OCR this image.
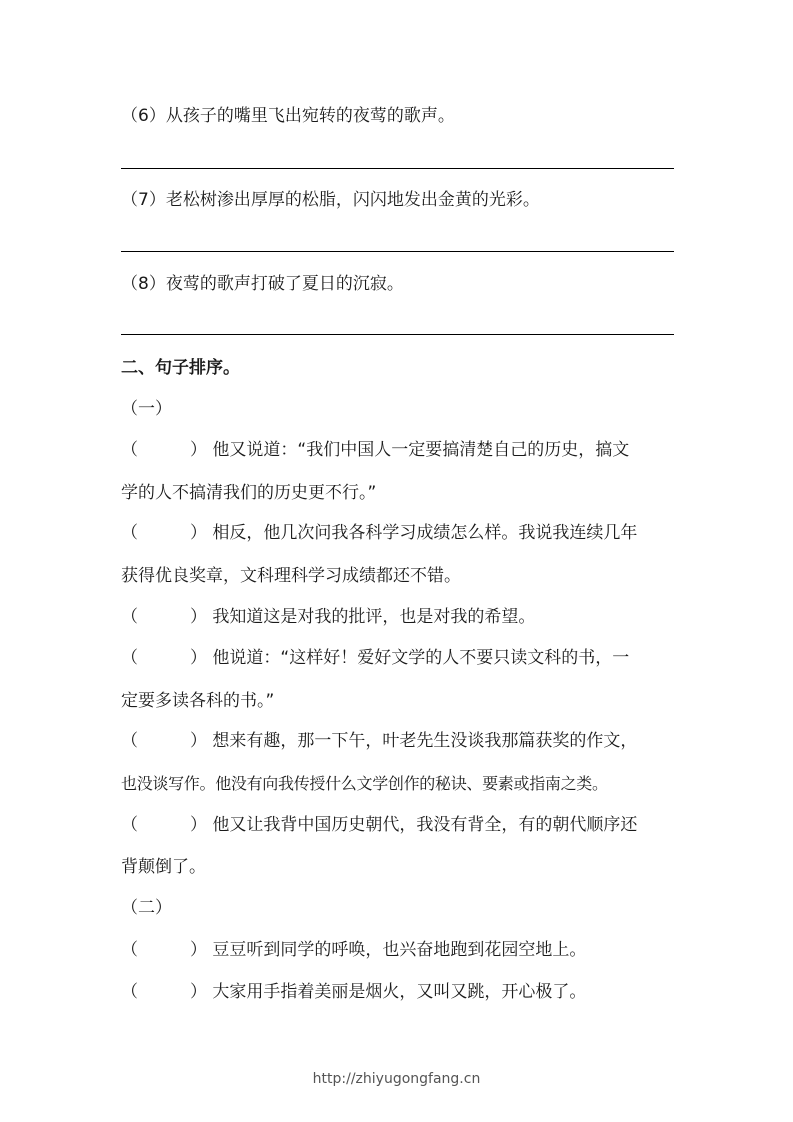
（6）从孩子的嘴里飞出宛转的夜莺的歌声。
（7）老松树渗出厚厚的松脂，闪闪地发出金黄的光彩。
（8）夜莺的歌声打破了夏日的沉寂。
二、句子排序。
（一）
（	） 他又说道：“我们中国人一定要搞清楚自己的历史，搞文
学的人不搞清我们的历史更不行。”
（	） 相反，他几次问我各科学习成绩怎么样。我说我连续几年
获得优良奖章，文科理科学习成绩都还不错。
（	） 我知道这是对我的批评，也是对我的希望。
（	） 他说道：“这样好！爱好文学的人不要只读文科的书，一
定要多读各科的书。”
（	） 想来有趣，那一下午，叶老先生没谈我那篇获奖的作文，
也没谈写作。他没有向我传授什么文学创作的秘诀、要素或指南之类。
（	） 他又让我背中国历史朝代，我没有背全，有的朝代顺序还
背颠倒了。
（二）
（	） 豆豆听到同学的呼唤，也兴奋地跑到花园空地上。
（	） 大家用手指着美丽是烟火，又叫又跳，开心极了。
http://zhiyugongfang.cn
